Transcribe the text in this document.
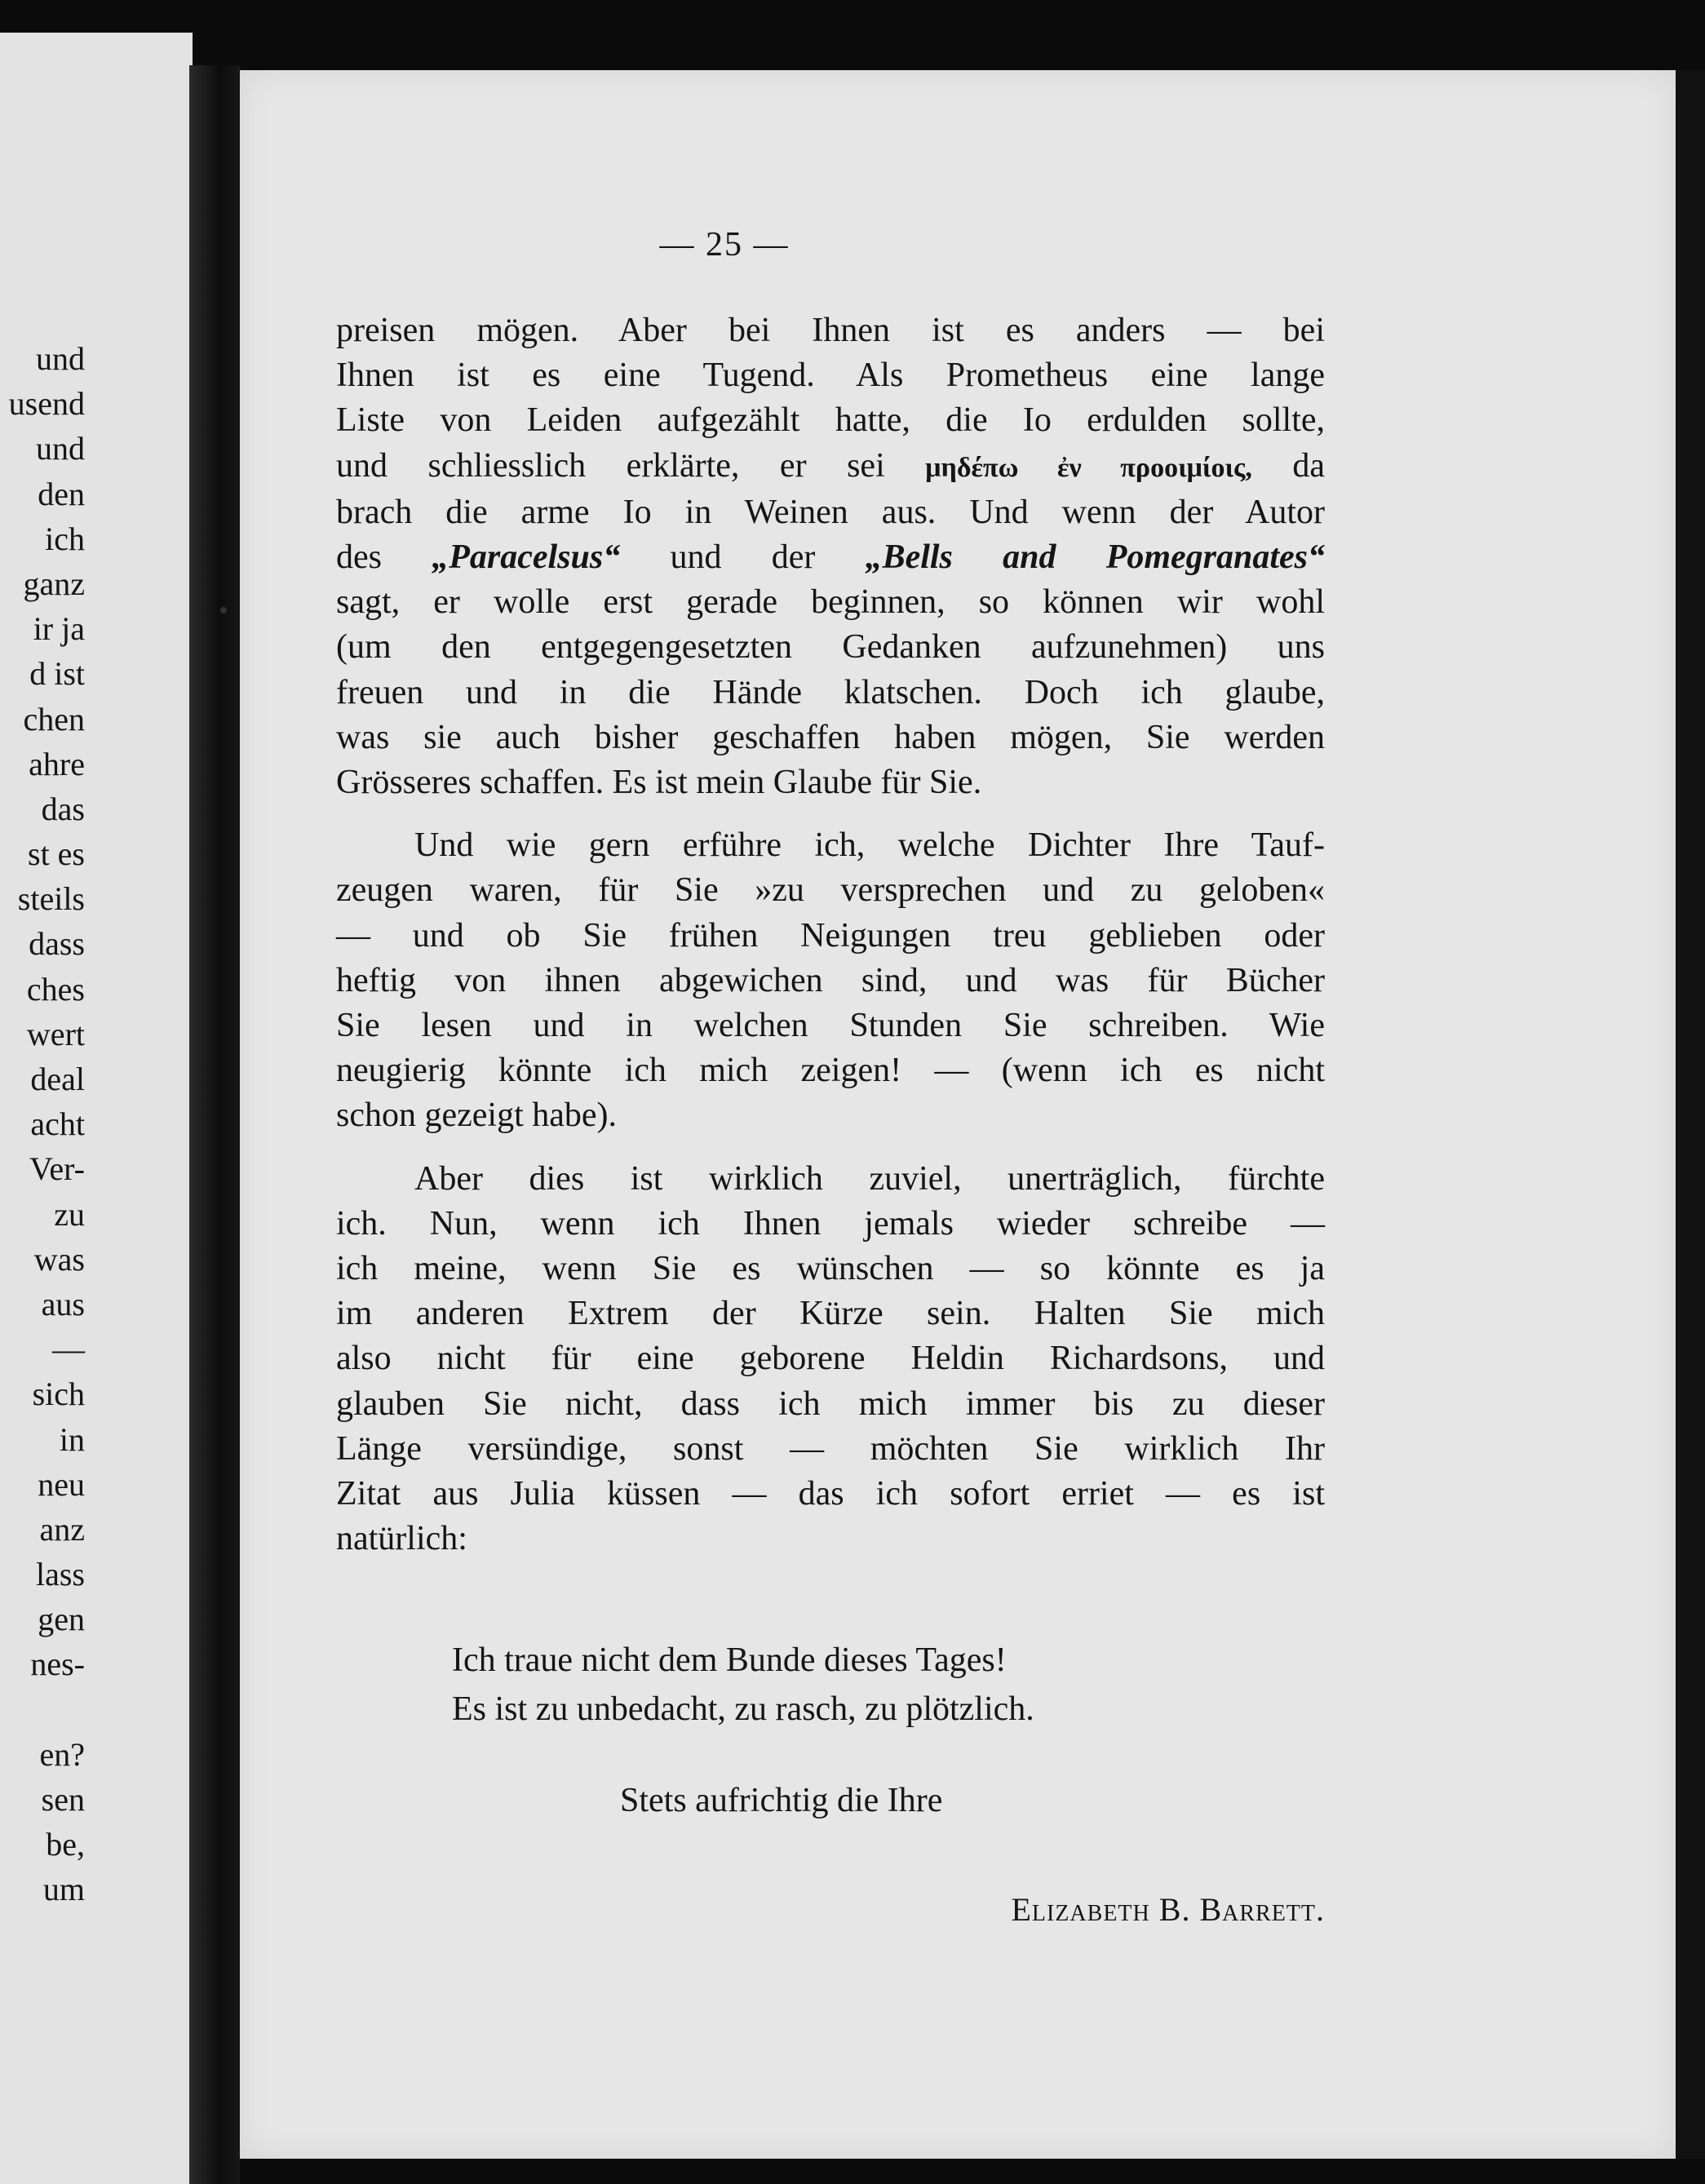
und
usend
und
den
ich
ganz
ir ja
d ist
chen
ahre
das
st es
steils
dass
ches
wert
deal
acht
Ver-
zu
was
aus
—
sich
in
neu
anz
lass
gen
nes-
en?
sen
be,
um
— 25 —

preisen mögen. Aber bei Ihnen ist es anders — bei
Ihnen ist es eine Tugend. Als Prometheus eine lange
Liste von Leiden aufgezählt hatte, die Io erdulden sollte,
und schliesslich erklärte, er sei μηδέπω ἐν προοιμίοις, da
brach die arme Io in Weinen aus. Und wenn der Autor
des „Paracelsus“ und der „Bells and Pomegranates“
sagt, er wolle erst gerade beginnen, so können wir wohl
(um den entgegengesetzten Gedanken aufzunehmen) uns
freuen und in die Hände klatschen. Doch ich glaube,
was sie auch bisher geschaffen haben mögen, Sie werden
Grösseres schaffen. Es ist mein Glaube für Sie.

Und wie gern erführe ich, welche Dichter Ihre Tauf-
zeugen waren, für Sie »zu versprechen und zu geloben«
— und ob Sie frühen Neigungen treu geblieben oder
heftig von ihnen abgewichen sind, und was für Bücher
Sie lesen und in welchen Stunden Sie schreiben. Wie
neugierig könnte ich mich zeigen! — (wenn ich es nicht
schon gezeigt habe).

Aber dies ist wirklich zuviel, unerträglich, fürchte
ich. Nun, wenn ich Ihnen jemals wieder schreibe —
ich meine, wenn Sie es wünschen — so könnte es ja
im anderen Extrem der Kürze sein. Halten Sie mich
also nicht für eine geborene Heldin Richardsons, und
glauben Sie nicht, dass ich mich immer bis zu dieser
Länge versündige, sonst — möchten Sie wirklich Ihr
Zitat aus Julia küssen — das ich sofort erriet — es ist
natürlich:

Ich traue nicht dem Bunde dieses Tages!
Es ist zu unbedacht, zu rasch, zu plötzlich.
Stets aufrichtig die Ihre
Elizabeth B. Barrett.
